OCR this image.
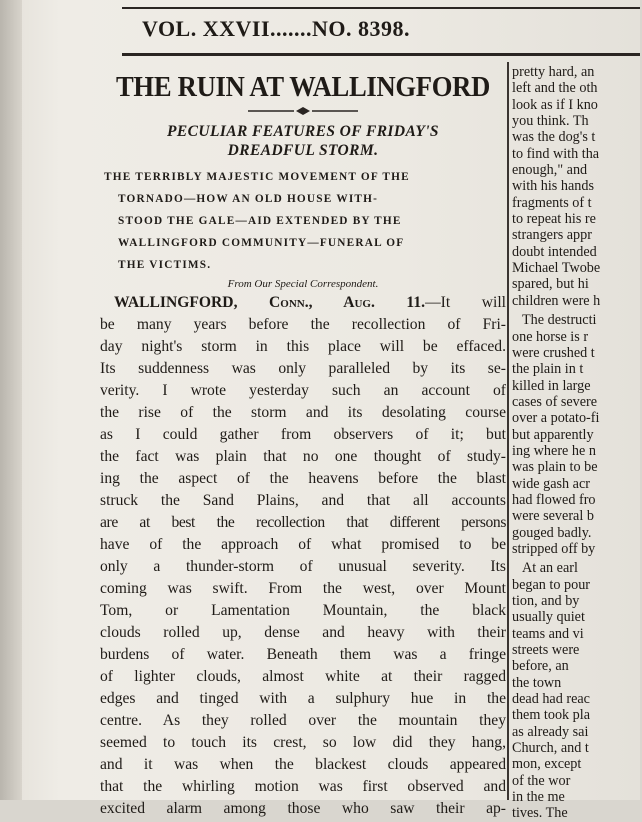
VOL. XXVII.......NO. 8398.
THE RUIN AT WALLINGFORD
PECULIAR FEATURES OF FRIDAY'S
DREADFUL STORM.
THE TERRIBLY MAJESTIC MOVEMENT OF THE
TORNADO—HOW AN OLD HOUSE WITH-
STOOD THE GALE—AID EXTENDED BY THE
WALLINGFORD COMMUNITY—FUNERAL OF
THE VICTIMS.
From Our Special Correspondent.

WALLINGFORD, Conn., Aug. 11.—It will

be many years before the recollection of Fri-

day night's storm in this place will be effaced.

Its suddenness was only paralleled by its se-

verity. I wrote yesterday such an account of

the rise of the storm and its desolating course

as I could gather from observers of it; but

the fact was plain that no one thought of study-

ing the aspect of the heavens before the blast

struck the Sand Plains, and that all accounts

are at best the recollection that different persons

have of the approach of what promised to be

only a thunder-storm of unusual severity. Its

coming was swift. From the west, over Mount

Tom, or Lamentation Mountain, the black

clouds rolled up, dense and heavy with their

burdens of water. Beneath them was a fringe

of lighter clouds, almost white at their ragged

edges and tinged with a sulphury hue in the

centre. As they rolled over the mountain they

seemed to touch its crest, so low did they hang,

and it was when the blackest clouds appeared

that the whirling motion was first observed and

excited alarm among those who saw their ap-

pretty hard, an

left and the oth

look as if I kno

you think. Th

was the dog's t

to find with tha

enough," and

with his hands

fragments of t

to repeat his re

strangers appr

doubt intended

Michael Twobe

spared, but hi

children were h

The destructi

one horse is r

were crushed t

the plain in t

killed in large

cases of severe

over a potato-fi

but apparently

ing where he n

was plain to be

wide gash acr

had flowed fro

were several b

gouged badly.

stripped off by

At an earl

began to pour

tion, and by

usually quiet

teams and vi

streets were

before, an

the town

dead had reac

them took pla

as already sai

Church, and t

mon, except

of the wor

in the me

tives. The
